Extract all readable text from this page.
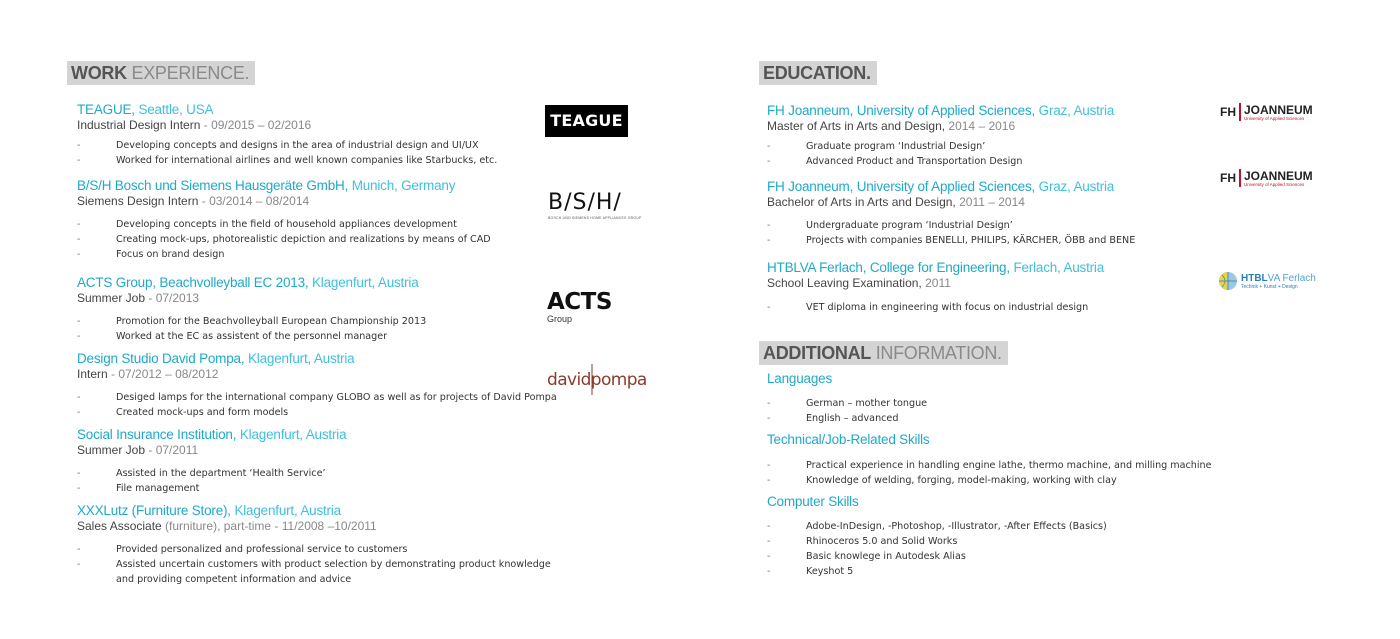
WORK EXPERIENCE.
TEAGUE, Seattle, USA
Industrial Design Intern - 09/2015 – 02/2016
-	Developing concepts and designs in the area of industrial design and UI/UX
-	Worked for international airlines and well known companies like Starbucks, etc.
B/S/H Bosch und Siemens Hausgeräte GmbH, Munich, Germany
Siemens Design Intern - 03/2014 – 08/2014
-	Developing concepts in the field of household appliances development
-	Creating mock-ups, photorealistic depiction and realizations by means of CAD
-	Focus on brand design
ACTS Group, Beachvolleyball EC 2013, Klagenfurt, Austria
Summer Job - 07/2013
-	Promotion for the Beachvolleyball European Championship 2013
-	Worked at the EC as assistent of the personnel manager
Design Studio David Pompa, Klagenfurt, Austria
Intern - 07/2012 – 08/2012
-	Desiged lamps for the international company GLOBO as well as for projects of David Pompa
-	Created mock-ups and form models
Social Insurance Institution, Klagenfurt, Austria
Summer Job - 07/2011
-	Assisted in the department ‘Health Service’
-	File management
XXXLutz (Furniture Store), Klagenfurt, Austria
Sales Associate (furniture), part-time - 11/2008 –10/2011
-	Provided personalized and professional service to customers
-	Assisted uncertain customers with product selection by demonstrating product knowledge
and providing competent information and advice
TEAGUE
B/S/H/
BOSCH UND SIEMENS HOME APPLIANCES GROUP
ACTS
Group
davidpompa
EDUCATION.
FH Joanneum, University of Applied Sciences, Graz, Austria
Master of Arts in Arts and Design, 2014 – 2016
-	Graduate program ‘Industrial Design’
-	Advanced Product and Transportation Design
FH Joanneum, University of Applied Sciences, Graz, Austria
Bachelor of Arts in Arts and Design, 2011 – 2014
-	Undergraduate program ‘Industrial Design’
-	Projects with companies BENELLI, PHILIPS, KÄRCHER, ÖBB and BENE
HTBLVA Ferlach, College for Engineering, Ferlach, Austria
School Leaving Examination, 2011
-	VET diploma in engineering with focus on industrial design
FH JOANNEUM
University of Applied Sciences
FH JOANNEUM
University of Applied Sciences
HTBLVA Ferlach
Technik + Kunst + Design
ADDITIONAL INFORMATION.
Languages
-	German – mother tongue
-	English – advanced
Technical/Job-Related Skills
-	Practical experience in handling engine lathe, thermo machine, and milling machine
-	Knowledge of welding, forging, model-making, working with clay
Computer Skills
-	Adobe-InDesign, -Photoshop, -Illustrator, -After Effects (Basics)
-	Rhinoceros 5.0 and Solid Works
-	Basic knowlege in Autodesk Alias
-	Keyshot 5
